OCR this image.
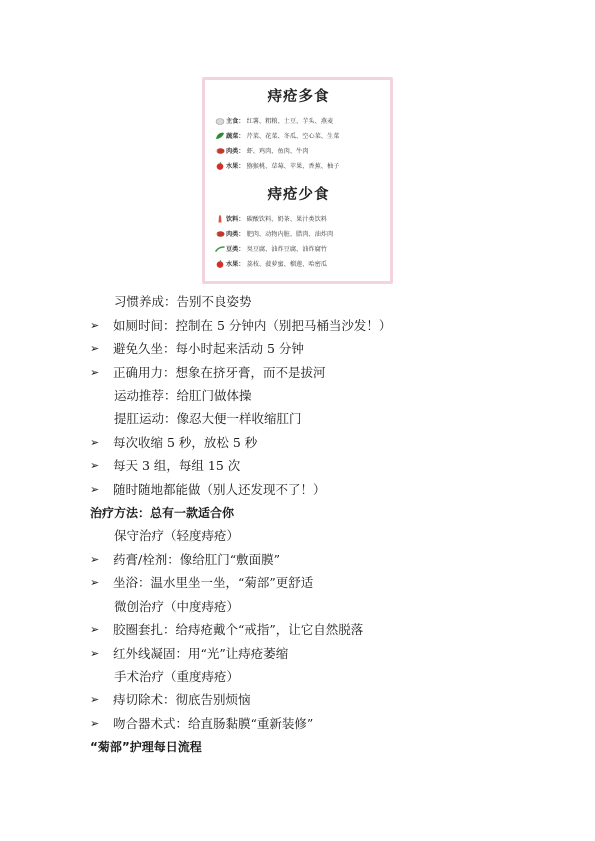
痔疮多食
主食： 红薯、粗粮、土豆、芋头、燕麦
蔬菜： 芹菜、花菜、冬瓜、空心菜、生菜
肉类： 虾、鸡肉、鱼肉、牛肉
水果： 猕猴桃、草莓、苹果、香蕉、柚子
痔疮少食
饮料： 碳酸饮料、奶茶、果汁类饮料
肉类： 肥肉、动物内脏、腊肉、油炸肉
豆类： 臭豆腐、油炸豆腐、油炸腐竹
水果： 荔枝、菠萝蜜、榴莲、哈密瓜
习惯养成：告别不良姿势
➢ 如厕时间：控制在 5 分钟内（别把马桶当沙发！）
➢ 避免久坐：每小时起来活动 5 分钟
➢ 正确用力：想象在挤牙膏，而不是拔河
运动推荐：给肛门做体操
提肛运动：像忍大便一样收缩肛门
➢ 每次收缩 5 秒，放松 5 秒
➢ 每天 3 组，每组 15 次
➢ 随时随地都能做（别人还发现不了！）
治疗方法：总有一款适合你
保守治疗（轻度痔疮）
➢ 药膏/栓剂：像给肛门“敷面膜”
➢ 坐浴：温水里坐一坐，“菊部”更舒适
微创治疗（中度痔疮）
➢ 胶圈套扎：给痔疮戴个“戒指”，让它自然脱落
➢ 红外线凝固：用“光”让痔疮萎缩
手术治疗（重度痔疮）
➢ 痔切除术：彻底告别烦恼
➢ 吻合器术式：给直肠黏膜“重新装修”
“菊部”护理每日流程
